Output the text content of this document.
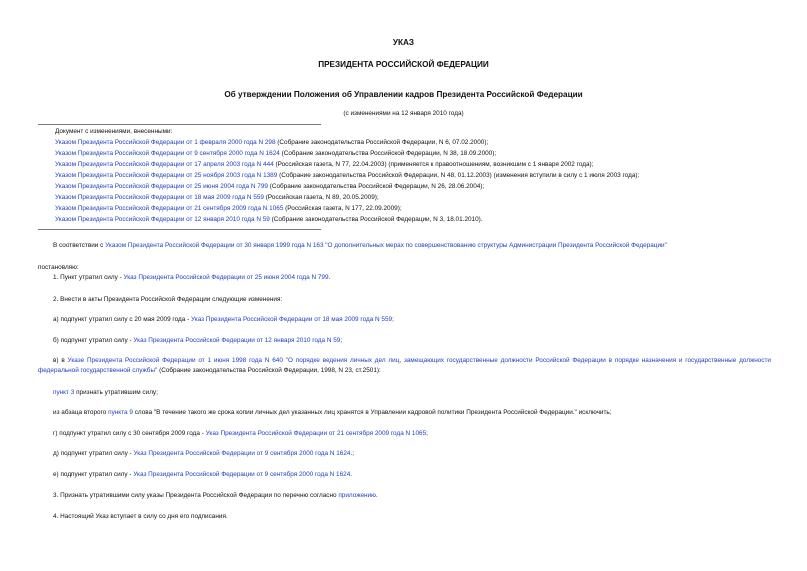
УКАЗ
ПРЕЗИДЕНТА РОССИЙСКОЙ ФЕДЕРАЦИИ
Об утверждении Положения об Управлении кадров Президента Российской Федерации
(с изменениями на 12 января 2010 года)
Документ с изменениями, внесенными:
Указом Президента Российской Федерации от 1 февраля 2000 года N 298 (Собрание законодательства Российской Федерации, N 6, 07.02.2000);
Указом Президента Российской Федерации от 9 сентября 2000 года N 1624 (Собрание законодательства Российской Федерации, N 38, 18.09.2000);
Указом Президента Российской Федерации от 17 апреля 2003 года N 444 (Российская газета, N 77, 22.04.2003) (применяется к правоотношениям, возникшим с 1 января 2002 года);
Указом Президента Российской Федерации от 25 ноября 2003 года N 1389 (Собрание законодательства Российской Федерации, N 48, 01.12.2003) (изменения вступили в силу с 1 июля 2003 года);
Указом Президента Российской Федерации от 25 июня 2004 года N 799 (Собрание законодательства Российской Федерации, N 26, 28.06.2004);
Указом Президента Российской Федерации от 18 мая 2009 года N 559 (Российская газета, N 89, 20.05.2009);
Указом Президента Российской Федерации от 21 сентября 2009 года N 1065 (Российская газета, N 177, 22.09.2009);
Указом Президента Российской Федерации от 12 января 2010 года N 59 (Собрание законодательства Российской Федерации, N 3, 18.01.2010).
В соответствии с Указом Президента Российской Федерации от 30 января 1999 года N 163 "О дополнительных мерах по совершенствованию структуры Администрации Президента Российской Федерации"
постановляю:
1. Пункт утратил силу - Указ Президента Российской Федерации от 25 июня 2004 года N 799.
2. Внести в акты Президента Российской Федерации следующие изменения:
а) подпункт утратил силу с 20 мая 2009 года - Указ Президента Российской Федерации от 18 мая 2009 года N 559;
б) подпункт утратил силу - Указ Президента Российской Федерации от 12 января 2010 года N 59;
в) в Указе Президента Российской Федерации от 1 июня 1998 года N 640 "О порядке ведения личных дел лиц, замещающих государственные должности Российской Федерации в порядке назначения и государственные должности федеральной государственной службы" (Собрание законодательства Российской Федерации, 1998, N 23, ст.2501):
пункт 3 признать утратившим силу;
из абзаца второго пункта 9 слова "В течение такого же срока копии личных дел указанных лиц хранятся в Управлении кадровой политики Президента Российской Федерации." исключить;
г) подпункт утратил силу с 30 сентября 2009 года - Указ Президента Российской Федерации от 21 сентября 2009 года N 1065;
д) подпункт утратил силу - Указ Президента Российской Федерации от 9 сентября 2000 года N 1624.;
е) подпункт утратил силу - Указ Президента Российской Федерации от 9 сентября 2000 года N 1624.
3. Признать утратившими силу указы Президента Российской Федерации по перечню согласно приложению.
4. Настоящий Указ вступает в силу со дня его подписания.
